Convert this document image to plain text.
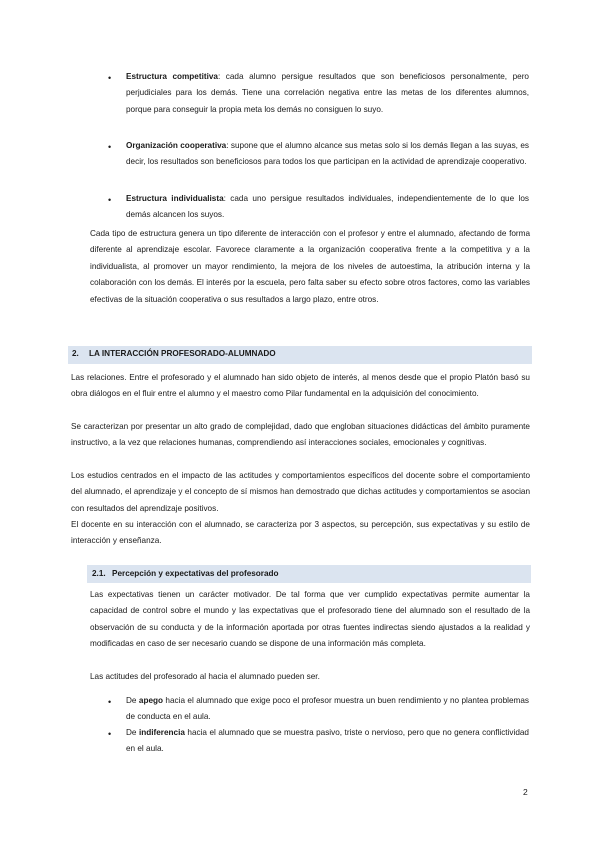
• Estructura competitiva: cada alumno persigue resultados que son beneficiosos personalmente, pero perjudiciales para los demás. Tiene una correlación negativa entre las metas de los diferentes alumnos, porque para conseguir la propia meta los demás no consiguen lo suyo.
• Organización cooperativa: supone que el alumno alcance sus metas solo si los demás llegan a las suyas, es decir, los resultados son beneficiosos para todos los que participan en la actividad de aprendizaje cooperativo.
• Estructura individualista: cada uno persigue resultados individuales, independientemente de lo que los demás alcancen los suyos.

Cada tipo de estructura genera un tipo diferente de interacción con el profesor y entre el alumnado, afectando de forma diferente al aprendizaje escolar. Favorece claramente a la organización cooperativa frente a la competitiva y a la individualista, al promover un mayor rendimiento, la mejora de los niveles de autoestima, la atribución interna y la colaboración con los demás. El interés por la escuela, pero falta saber su efecto sobre otros factores, como las variables efectivas de la situación cooperativa o sus resultados a largo plazo, entre otros.

2. LA INTERACCIÓN PROFESORADO-ALUMNADO

Las relaciones. Entre el profesorado y el alumnado han sido objeto de interés, al menos desde que el propio Platón basó su obra diálogos en el fluir entre el alumno y el maestro como Pilar fundamental en la adquisición del conocimiento.

Se caracterizan por presentar un alto grado de complejidad, dado que engloban situaciones didácticas del ámbito puramente instructivo, a la vez que relaciones humanas, comprendiendo así interacciones sociales, emocionales y cognitivas.

Los estudios centrados en el impacto de las actitudes y comportamientos específicos del docente sobre el comportamiento del alumnado, el aprendizaje y el concepto de sí mismos han demostrado que dichas actitudes y comportamientos se asocian con resultados del aprendizaje positivos.

El docente en su interacción con el alumnado, se caracteriza por 3 aspectos, su percepción, sus expectativas y su estilo de interacción y enseñanza.

2.1. Percepción y expectativas del profesorado

Las expectativas tienen un carácter motivador. De tal forma que ver cumplido expectativas permite aumentar la capacidad de control sobre el mundo y las expectativas que el profesorado tiene del alumnado son el resultado de la observación de su conducta y de la información aportada por otras fuentes indirectas siendo ajustados a la realidad y modificadas en caso de ser necesario cuando se dispone de una información más completa.

Las actitudes del profesorado al hacia el alumnado pueden ser.

• De apego hacia el alumnado que exige poco el profesor muestra un buen rendimiento y no plantea problemas de conducta en el aula.
• De indiferencia hacia el alumnado que se muestra pasivo, triste o nervioso, pero que no genera conflictividad en el aula.
2
